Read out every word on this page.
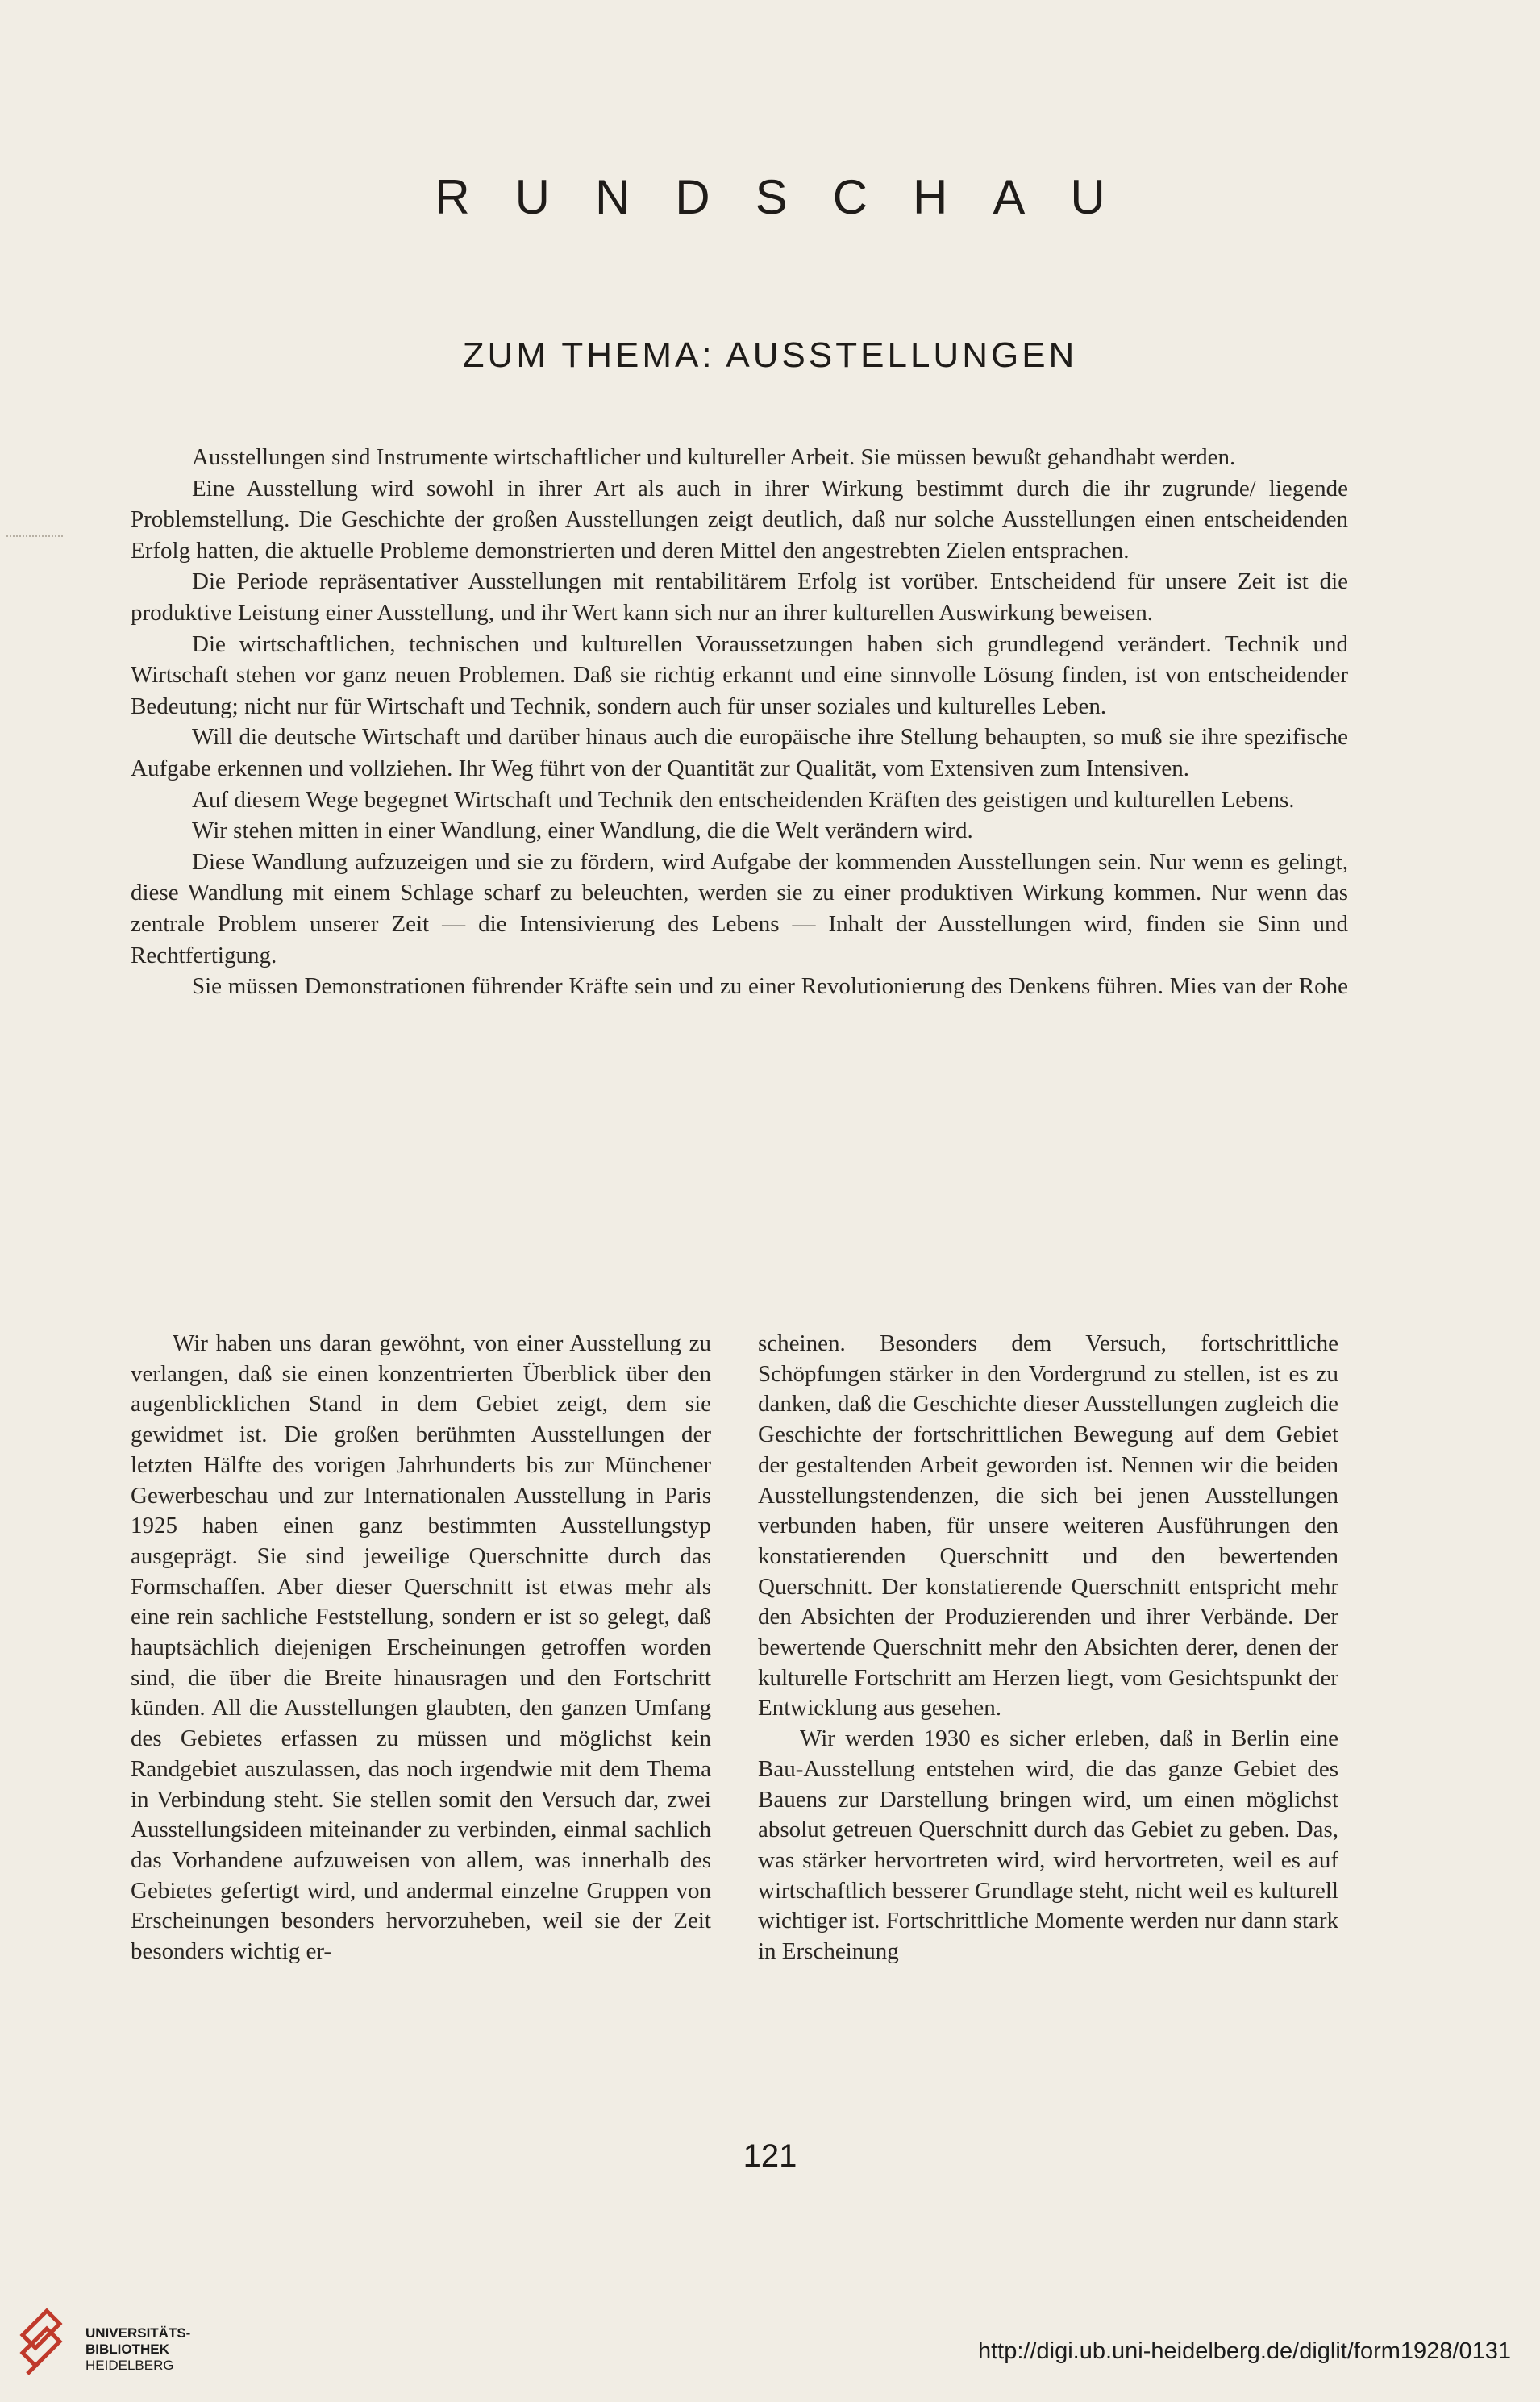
RUNDSCHAU
ZUM THEMA: AUSSTELLUNGEN

Ausstellungen sind Instrumente wirtschaftlicher und kultureller Arbeit. Sie müssen bewußt gehandhabt werden.

Eine Ausstellung wird sowohl in ihrer Art als auch in ihrer Wirkung bestimmt durch die ihr zugrunde/ liegende Problemstellung. Die Geschichte der großen Ausstellungen zeigt deutlich, daß nur solche Ausstellungen einen entscheidenden Erfolg hatten, die aktuelle Probleme demonstrierten und deren Mittel den angestrebten Zielen entsprachen.

Die Periode repräsentativer Ausstellungen mit rentabilitärem Erfolg ist vorüber. Entscheidend für unsere Zeit ist die produktive Leistung einer Ausstellung, und ihr Wert kann sich nur an ihrer kulturellen Auswirkung beweisen.

Die wirtschaftlichen, technischen und kulturellen Voraussetzungen haben sich grundlegend verändert. Technik und Wirtschaft stehen vor ganz neuen Problemen. Daß sie richtig erkannt und eine sinnvolle Lösung finden, ist von entscheidender Bedeutung; nicht nur für Wirtschaft und Technik, sondern auch für unser soziales und kulturelles Leben.

Will die deutsche Wirtschaft und darüber hinaus auch die europäische ihre Stellung behaupten, so muß sie ihre spezifische Aufgabe erkennen und vollziehen. Ihr Weg führt von der Quantität zur Qualität, vom Extensiven zum Intensiven.

Auf diesem Wege begegnet Wirtschaft und Technik den entscheidenden Kräften des geistigen und kulturellen Lebens.

Wir stehen mitten in einer Wandlung, einer Wandlung, die die Welt verändern wird.

Diese Wandlung aufzuzeigen und sie zu fördern, wird Aufgabe der kommenden Ausstellungen sein. Nur wenn es gelingt, diese Wandlung mit einem Schlage scharf zu beleuchten, werden sie zu einer produktiven Wirkung kommen. Nur wenn das zentrale Problem unserer Zeit — die Intensivierung des Lebens — Inhalt der Ausstellungen wird, finden sie Sinn und Rechtfertigung.

Sie müssen Demonstrationen führender Kräfte sein und zu einer Revolutionierung des Denkens führen. Mies van der Rohe

Wir haben uns daran gewöhnt, von einer Ausstellung zu verlangen, daß sie einen konzentrierten Überblick über den augenblicklichen Stand in dem Gebiet zeigt, dem sie gewidmet ist. Die großen berühmten Ausstellungen der letzten Hälfte des vorigen Jahrhunderts bis zur Münchener Gewerbeschau und zur Internationalen Ausstellung in Paris 1925 haben einen ganz bestimmten Ausstellungstyp ausgeprägt. Sie sind jeweilige Querschnitte durch das Formschaffen. Aber dieser Querschnitt ist etwas mehr als eine rein sachliche Feststellung, sondern er ist so gelegt, daß hauptsächlich diejenigen Erscheinungen getroffen worden sind, die über die Breite hinausragen und den Fortschritt künden. All die Ausstellungen glaubten, den ganzen Umfang des Gebietes erfassen zu müssen und möglichst kein Randgebiet auszulassen, das noch irgendwie mit dem Thema in Verbindung steht. Sie stellen somit den Versuch dar, zwei Ausstellungsideen miteinander zu verbinden, einmal sachlich das Vorhandene aufzuweisen von allem, was innerhalb des Gebietes gefertigt wird, und andermal einzelne Gruppen von Erscheinungen besonders hervorzuheben, weil sie der Zeit besonders wichtig er-

scheinen. Besonders dem Versuch, fortschrittliche Schöpfungen stärker in den Vordergrund zu stellen, ist es zu danken, daß die Geschichte dieser Ausstellungen zugleich die Geschichte der fortschrittlichen Bewegung auf dem Gebiet der gestaltenden Arbeit geworden ist. Nennen wir die beiden Ausstellungstendenzen, die sich bei jenen Ausstellungen verbunden haben, für unsere weiteren Ausführungen den konstatierenden Querschnitt und den bewertenden Querschnitt. Der konstatierende Querschnitt entspricht mehr den Absichten der Produzierenden und ihrer Verbände. Der bewertende Querschnitt mehr den Absichten derer, denen der kulturelle Fortschritt am Herzen liegt, vom Gesichtspunkt der Entwicklung aus gesehen.

Wir werden 1930 es sicher erleben, daß in Berlin eine Bau-Ausstellung entstehen wird, die das ganze Gebiet des Bauens zur Darstellung bringen wird, um einen möglichst absolut getreuen Querschnitt durch das Gebiet zu geben. Das, was stärker hervortreten wird, wird hervortreten, weil es auf wirtschaftlich besserer Grundlage steht, nicht weil es kulturell wichtiger ist. Fortschrittliche Momente werden nur dann stark in Erscheinung

121
UNIVERSITÄTS-
BIBLIOTHEK
HEIDELBERG
http://digi.ub.uni-heidelberg.de/diglit/form1928/0131
